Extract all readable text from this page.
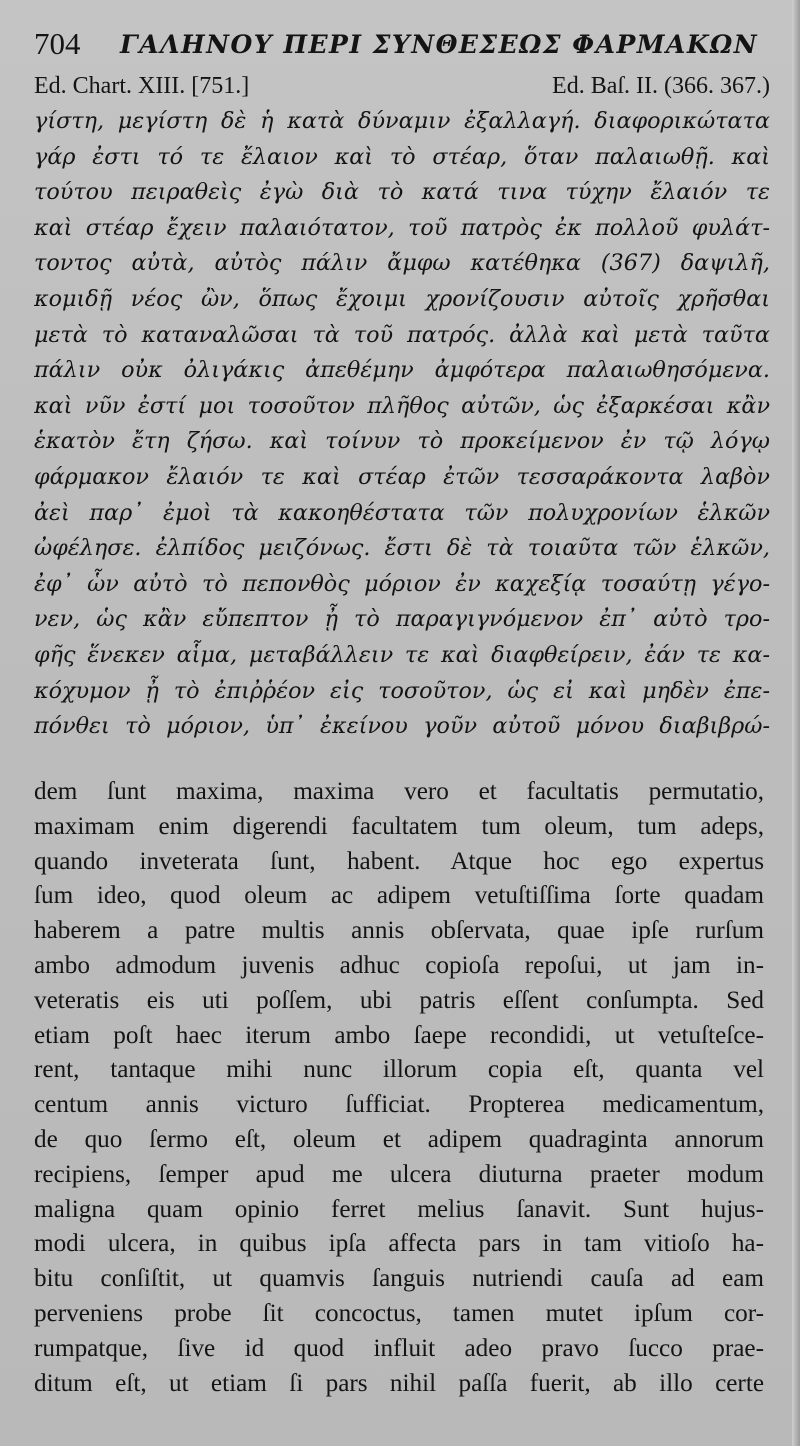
704 ΓΑΛΗΝΟΥ ΠΕΡΙ ΣΥΝΘΕΣΕΩΣ ΦΑΡΜΑΚΩΝ
Ed. Chart. XIII. [751.]	Ed. Baſ. II. (366. 367.)
γίστη, μεγίστη δὲ ἡ κατὰ δύναμιν ἐξαλλαγή. διαφορικώτατα
γάρ ἐστι τό τε ἔλαιον καὶ τὸ στέαρ, ὅταν παλαιωθῇ. καὶ
τούτου πειραθεὶς ἐγὼ διὰ τὸ κατά τινα τύχην ἔλαιόν τε
καὶ στέαρ ἔχειν παλαιότατον, τοῦ πατρὸς ἐκ πολλοῦ φυλάτ-
τοντος αὐτὰ, αὐτὸς πάλιν ἄμφω κατέθηκα (367) δαψιλῆ,
κομιδῇ νέος ὢν, ὅπως ἔχοιμι χρονίζουσιν αὐτοῖς χρῆσθαι
μετὰ τὸ καταναλῶσαι τὰ τοῦ πατρός. ἀλλὰ καὶ μετὰ ταῦτα
πάλιν οὐκ ὀλιγάκις ἀπεθέμην ἀμφότερα παλαιωθησόμενα.
καὶ νῦν ἐστί μοι τοσοῦτον πλῆθος αὐτῶν, ὡς ἐξαρκέσαι κἂν
ἑκατὸν ἔτη ζήσω. καὶ τοίνυν τὸ προκείμενον ἐν τῷ λόγῳ
φάρμακον ἔλαιόν τε καὶ στέαρ ἐτῶν τεσσαράκοντα λαβὸν
ἀεὶ παρ᾽ ἐμοὶ τὰ κακοηθέστατα τῶν πολυχρονίων ἑλκῶν
ὠφέλησε. ἐλπίδος μειζόνως. ἔστι δὲ τὰ τοιαῦτα τῶν ἑλκῶν,
ἐφ᾽ ὧν αὐτὸ τὸ πεπονθὸς μόριον ἐν καχεξίᾳ τοσαύτῃ γέγο-
νεν, ὡς κἂν εὔπεπτον ᾖ τὸ παραγιγνόμενον ἐπ᾽ αὐτὸ τρο-
φῆς ἕνεκεν αἷμα, μεταβάλλειν τε καὶ διαφθείρειν, ἐάν τε κα-
κόχυμον ᾖ τὸ ἐπιῤῥέον εἰς τοσοῦτον, ὡς εἰ καὶ μηδὲν ἐπε-
πόνθει τὸ μόριον, ὑπ᾽ ἐκείνου γοῦν αὐτοῦ μόνου διαβιβρώ-
dem ſunt maxima, maxima vero et facultatis permutatio,
maximam enim digerendi facultatem tum oleum, tum adeps,
quando inveterata ſunt, habent. Atque hoc ego expertus
ſum ideo, quod oleum ac adipem vetuſtiſſima ſorte quadam
haberem a patre multis annis obſervata, quae ipſe rurſum
ambo admodum juvenis adhuc copioſa repoſui, ut jam in-
veteratis eis uti poſſem, ubi patris eſſent conſumpta. Sed
etiam poſt haec iterum ambo ſaepe recondidi, ut vetuſteſce-
rent, tantaque mihi nunc illorum copia eſt, quanta vel
centum annis victuro ſufficiat. Propterea medicamentum,
de quo ſermo eſt, oleum et adipem quadraginta annorum
recipiens, ſemper apud me ulcera diuturna praeter modum
maligna quam opinio ferret melius ſanavit. Sunt hujus-
modi ulcera, in quibus ipſa affecta pars in tam vitioſo ha-
bitu conſiſtit, ut quamvis ſanguis nutriendi cauſa ad eam
perveniens probe ſit concoctus, tamen mutet ipſum cor-
rumpatque, ſive id quod influit adeo pravo ſucco prae-
ditum eſt, ut etiam ſi pars nihil paſſa fuerit, ab illo certe
